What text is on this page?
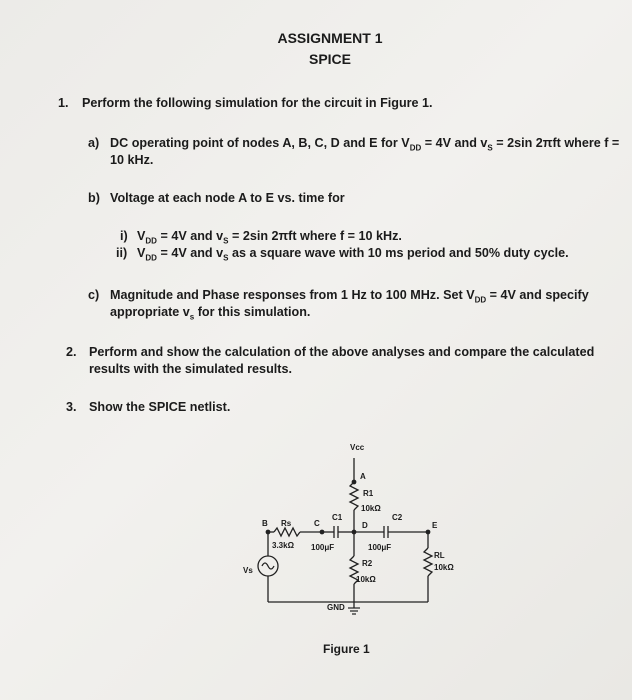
ASSIGNMENT 1
SPICE
1. Perform the following simulation for the circuit in Figure 1.
a) DC operating point of nodes A, B, C, D and E for $V_{DD} = 4V$ and $v_S = 2\sin$ 2πft where f =
10 kHz.
b) Voltage at each node A to E vs. time for
i) $V_{DD} = 4V$ and $v_S = 2\sin$ 2πft where f = 10 kHz.
ii) $V_{DD} = 4V$ and $v_S$ as a square wave with 10 ms period and 50% duty cycle.
c) Magnitude and Phase responses from 1 Hz to 100 MHz. Set $V_{DD} = 4V$ and specify
appropriate $v_s$ for this simulation.
2. Perform and show the calculation of the above analyses and compare the calculated results with the simulated results.
3. Show the SPICE netlist.
Vcc
A
R1
10kΩ
B Rs	C
C1
D
C2
E
3.3kΩ 100μF	100μF
R2
10kΩ
RL
10kΩ
Vs
GND
Figure 1
